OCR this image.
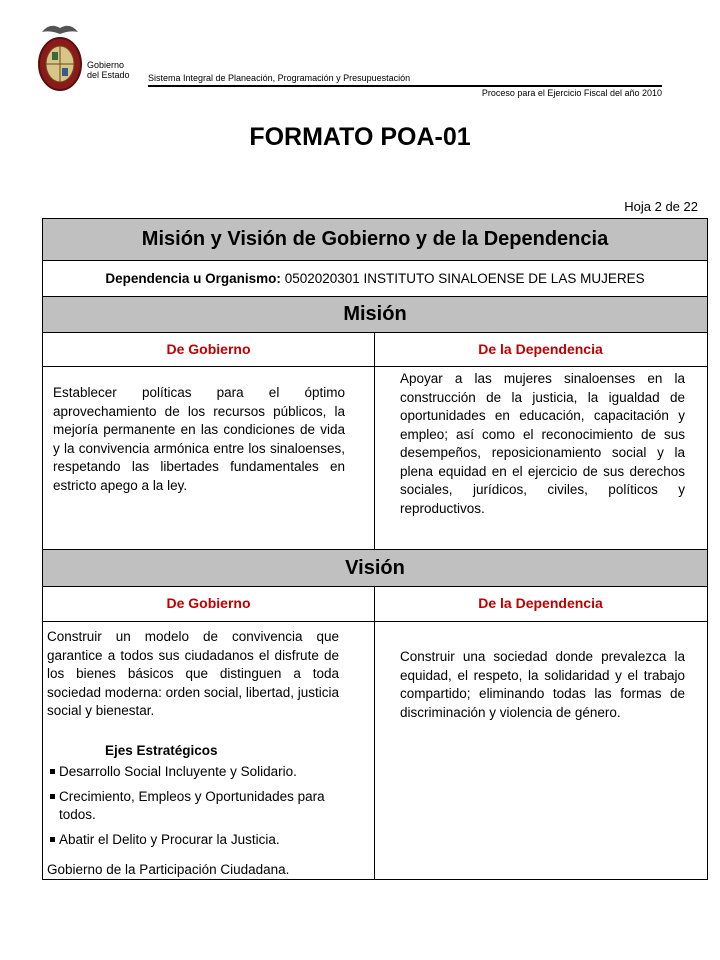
Gobierno
del Estado Sistema Integral de Planeación, Programación y Presupuestación
Proceso para el Ejercicio Fiscal del año 2010
FORMATO POA-01
Hoja 2 de 22
Misión y Visión de Gobierno y de la Dependencia
Dependencia u Organismo: 0502020301 INSTITUTO SINALOENSE DE LAS MUJERES
Misión
De Gobierno	De la Dependencia
Establecer políticas para el óptimo aprovechamiento de los recursos públicos, la mejoría permanente en las condiciones de vida y la convivencia armónica entre los sinaloenses, respetando las libertades fundamentales en estricto apego a la ley.
Apoyar a las mujeres sinaloenses en la construcción de la justicia, la igualdad de oportunidades en educación, capacitación y empleo; así como el reconocimiento de sus desempeños, reposicionamiento social y la plena equidad en el ejercicio de sus derechos sociales, jurídicos, civiles, políticos y reproductivos.
Visión
De Gobierno	De la Dependencia
Construir un modelo de convivencia que garantice a todos sus ciudadanos el disfrute de los bienes básicos que distinguen a toda sociedad moderna: orden social, libertad, justicia social y bienestar.
Ejes Estratégicos
Desarrollo Social Incluyente y Solidario.
Crecimiento, Empleos y Oportunidades para todos.
Abatir el Delito y Procurar la Justicia.
Gobierno de la Participación Ciudadana.
Construir una sociedad donde prevalezca la equidad, el respeto, la solidaridad y el trabajo compartido; eliminando todas las formas de discriminación y violencia de género.
